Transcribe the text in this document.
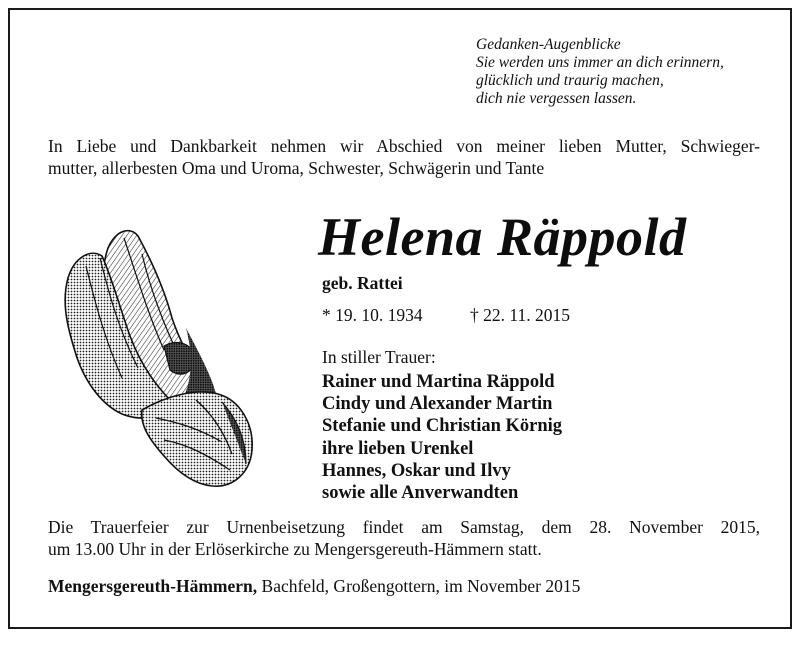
Gedanken-Augenblicke
Sie werden uns immer an dich erinnern,
glücklich und traurig machen,
dich nie vergessen lassen.
In Liebe und Dankbarkeit nehmen wir Abschied von meiner lieben Mutter, Schwieger-
mutter, allerbesten Oma und Uroma, Schwester, Schwägerin und Tante
Helena Räppold
geb. Rattei
* 19. 10. 1934	† 22. 11. 2015
In stiller Trauer:
Rainer und Martina Räppold
Cindy und Alexander Martin
Stefanie und Christian Körnig
ihre lieben Urenkel
Hannes, Oskar und Ilvy
sowie alle Anverwandten
Die Trauerfeier zur Urnenbeisetzung findet am Samstag, dem 28. November 2015,
um 13.00 Uhr in der Erlöserkirche zu Mengersgereuth-Hämmern statt.
Mengersgereuth-Hämmern, Bachfeld, Großengottern, im November 2015
